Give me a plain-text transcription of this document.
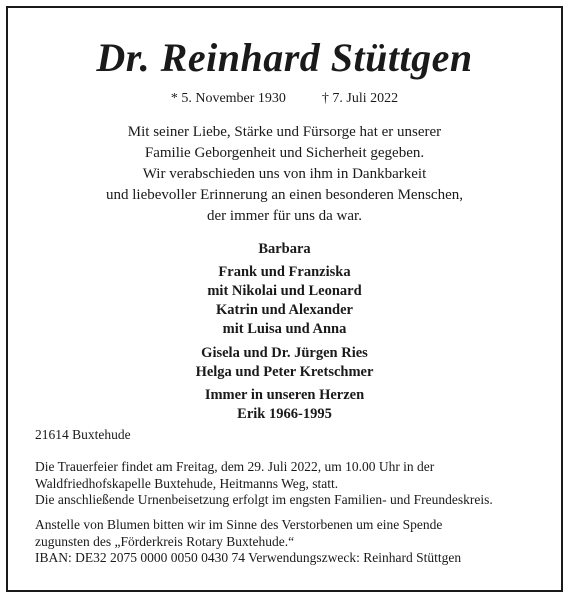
Dr. Reinhard Stüttgen
* 5. November 1930	† 7. Juli 2022
Mit seiner Liebe, Stärke und Fürsorge hat er unserer
Familie Geborgenheit und Sicherheit gegeben.
Wir verabschieden uns von ihm in Dankbarkeit
und liebevoller Erinnerung an einen besonderen Menschen,
der immer für uns da war.
Barbara
Frank und Franziska
mit Nikolai und Leonard
Katrin und Alexander
mit Luisa und Anna
Gisela und Dr. Jürgen Ries
Helga und Peter Kretschmer
Immer in unseren Herzen
Erik 1966-1995
21614 Buxtehude
Die Trauerfeier findet am Freitag, dem 29. Juli 2022, um 10.00 Uhr in der
Waldfriedhofskapelle Buxtehude, Heitmanns Weg, statt.
Die anschließende Urnenbeisetzung erfolgt im engsten Familien- und Freundeskreis.
Anstelle von Blumen bitten wir im Sinne des Verstorbenen um eine Spende
zugunsten des „Förderkreis Rotary Buxtehude.“
IBAN: DE32 2075 0000 0050 0430 74 Verwendungszweck: Reinhard Stüttgen
